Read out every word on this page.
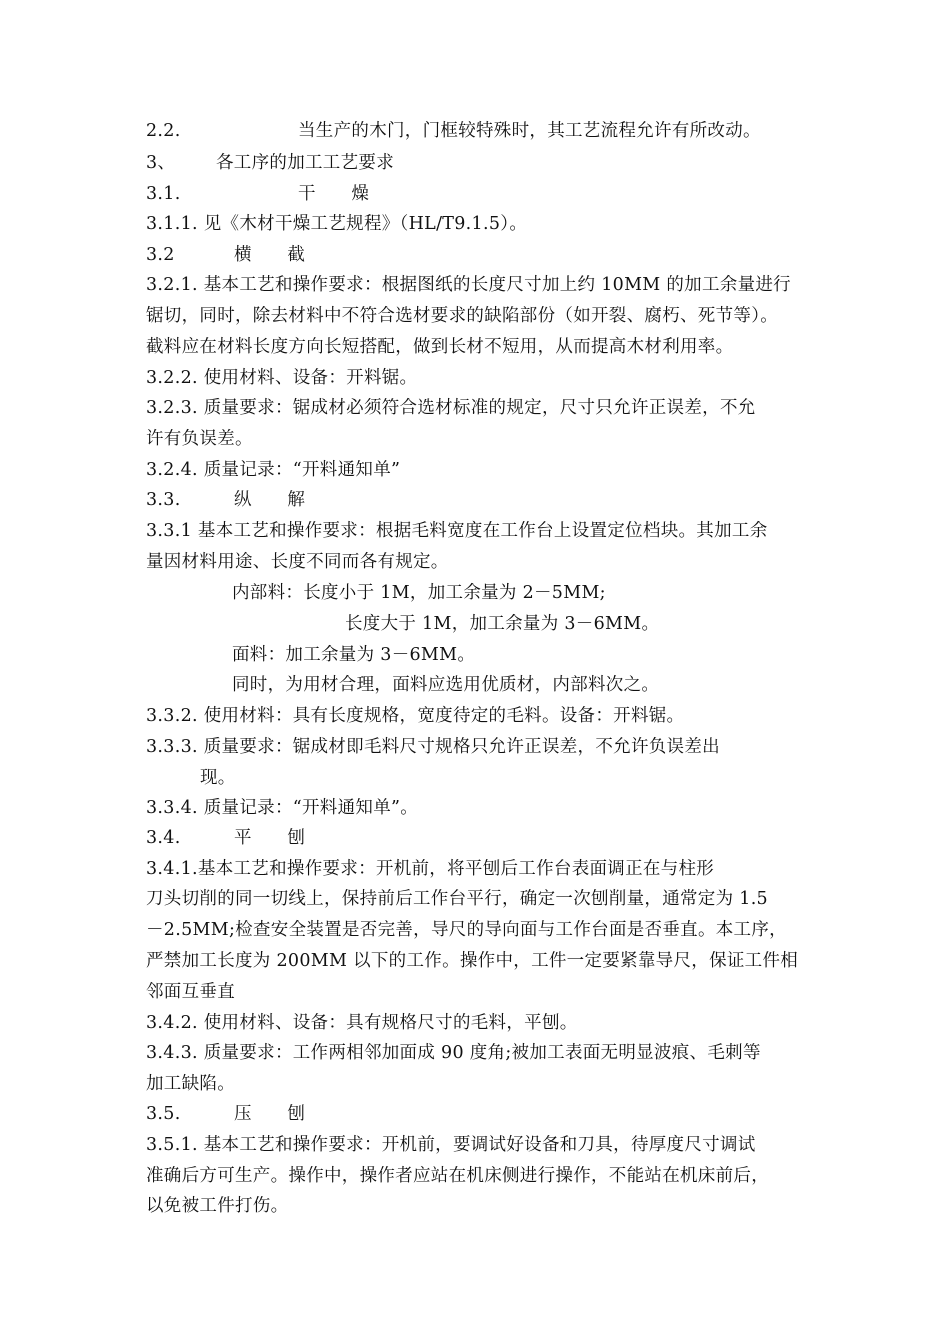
2.2.	当生产的木门，门框较特殊时，其工艺流程允许有所改动。
3、 各工序的加工工艺要求
3.1.	干　　燥
3.1.1. 见《木材干燥工艺规程》（HL/T9.1.5）。
3.2	横　　截
3.2.1. 基本工艺和操作要求：根据图纸的长度尺寸加上约 10MM 的加工余量进行
锯切，同时，除去材料中不符合选材要求的缺陷部份（如开裂、腐朽、死节等）。
截料应在材料长度方向长短搭配，做到长材不短用，从而提高木材利用率。
3.2.2. 使用材料、设备：开料锯。
3.2.3. 质量要求：锯成材必须符合选材标准的规定，尺寸只允许正误差，不允
许有负误差。
3.2.4. 质量记录：“开料通知单”
3.3.	纵　　解
3.3.1 基本工艺和操作要求：根据毛料宽度在工作台上设置定位档块。其加工余
量因材料用途、长度不同而各有规定。
内部料：长度小于 1M，加工余量为 2－5MM;
长度大于 1M，加工余量为 3－6MM。
面料：加工余量为 3－6MM。
同时，为用材合理，面料应选用优质材，内部料次之。
3.3.2. 使用材料：具有长度规格，宽度待定的毛料。设备：开料锯。
3.3.3. 质量要求：锯成材即毛料尺寸规格只允许正误差，不允许负误差出
现。
3.3.4. 质量记录：“开料通知单”。
3.4.	平　　刨
3.4.1.基本工艺和操作要求：开机前，将平刨后工作台表面调正在与柱形
刀头切削的同一切线上，保持前后工作台平行，确定一次刨削量，通常定为 1.5
－2.5MM;检查安全装置是否完善，导尺的导向面与工作台面是否垂直。本工序，
严禁加工长度为 200MM 以下的工作。操作中，工件一定要紧靠导尺，保证工件相
邻面互垂直
3.4.2. 使用材料、设备：具有规格尺寸的毛料，平刨。
3.4.3. 质量要求：工作两相邻加面成 90 度角;被加工表面无明显波痕、毛刺等
加工缺陷。
3.5.	压　　刨
3.5.1. 基本工艺和操作要求：开机前，要调试好设备和刀具，待厚度尺寸调试
准确后方可生产。操作中，操作者应站在机床侧进行操作，不能站在机床前后，
以免被工件打伤。
